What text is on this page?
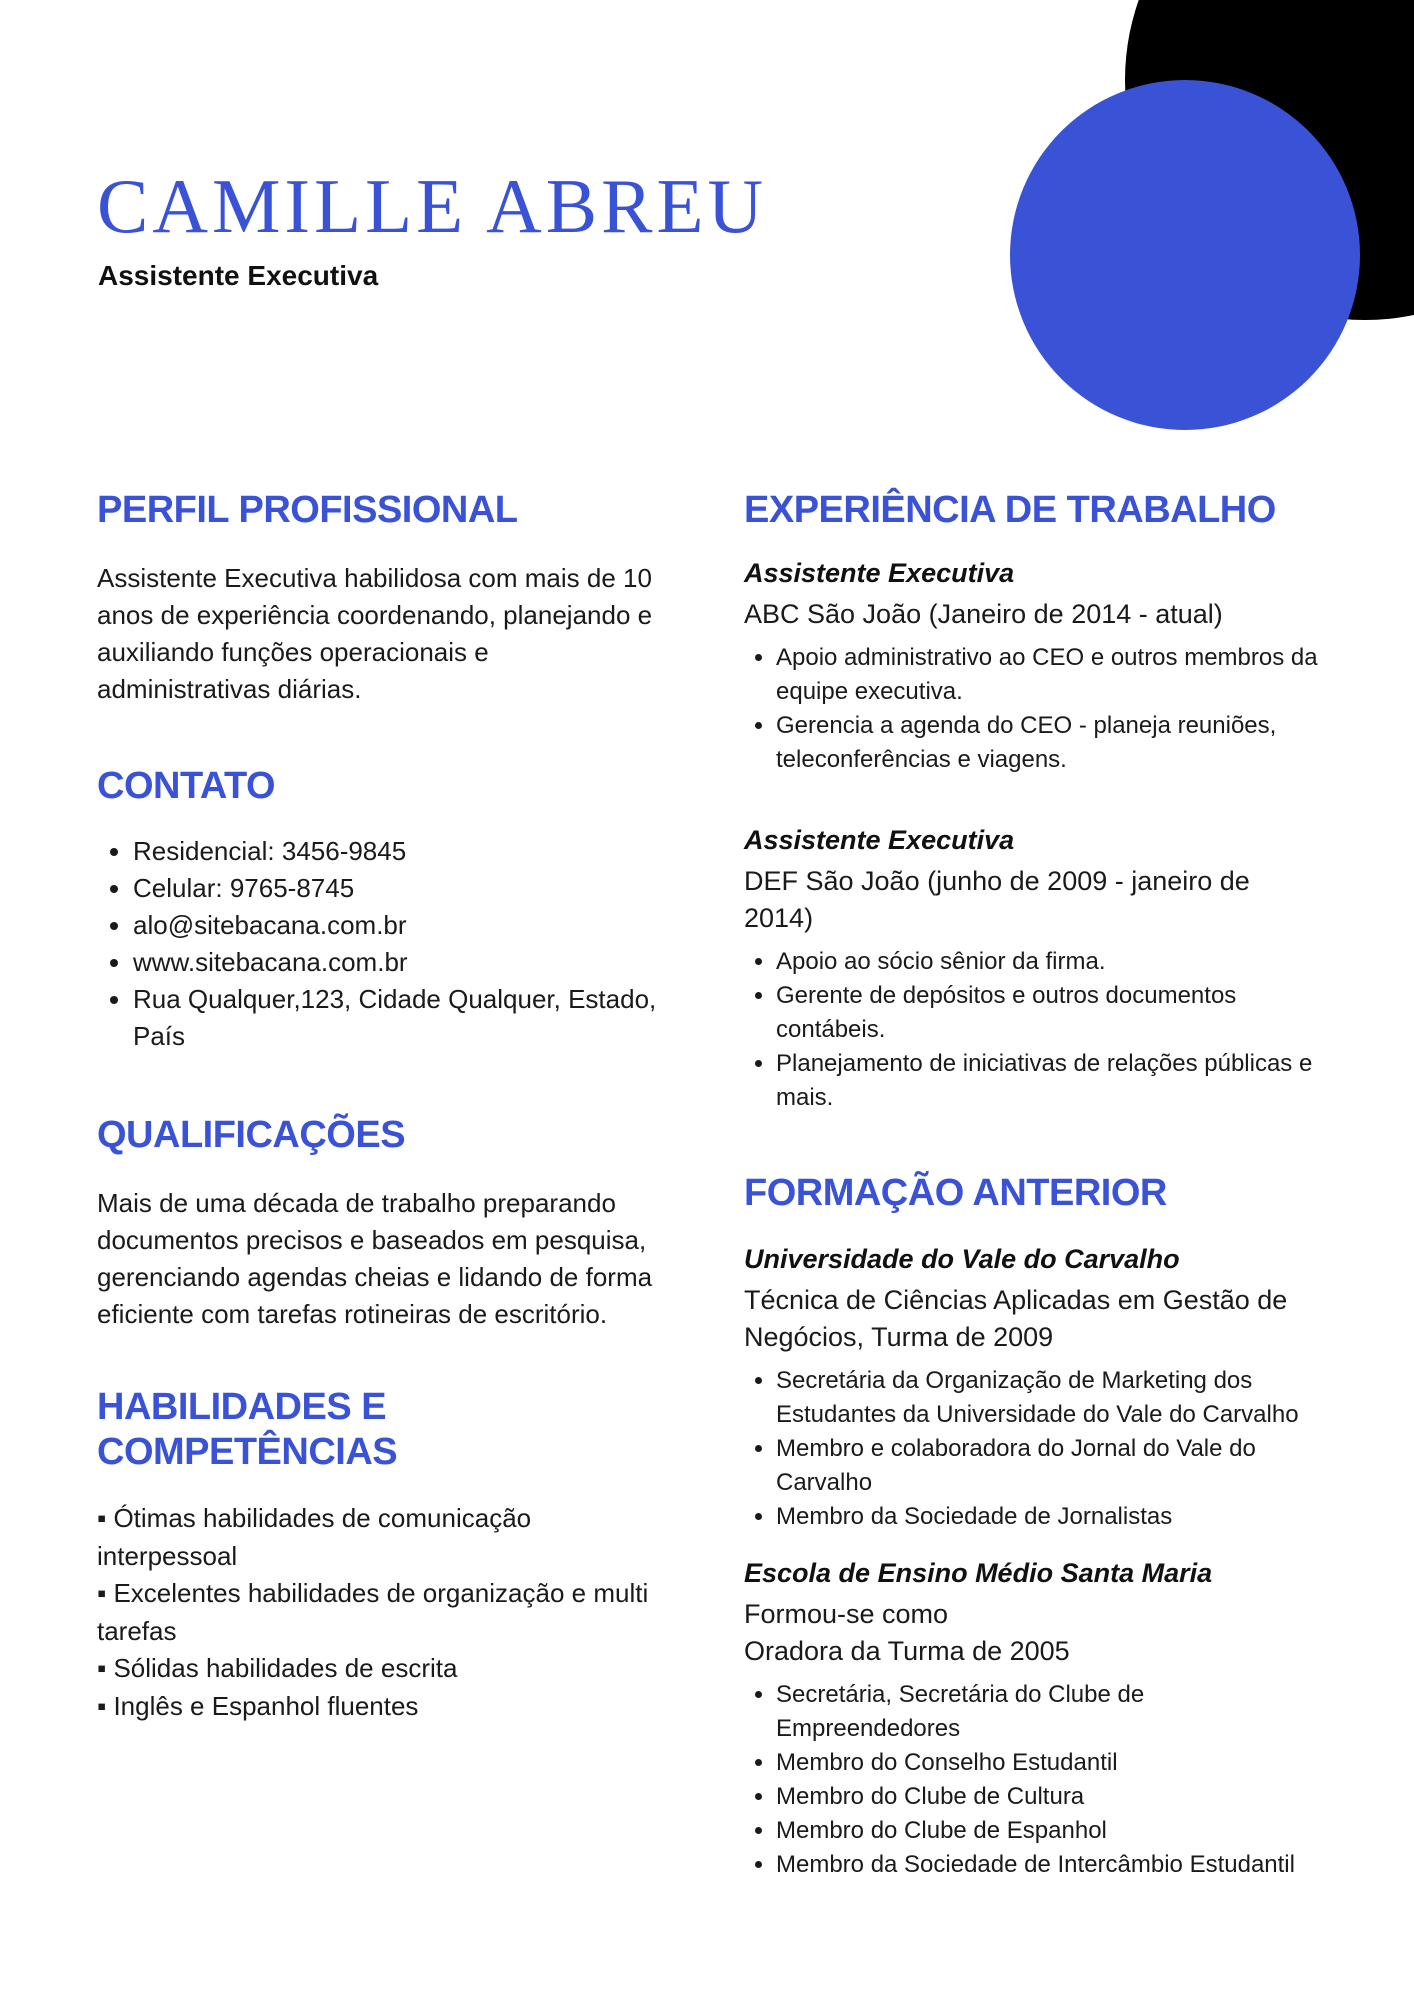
CAMILLE ABREU

Assistente Executiva

PERFIL PROFISSIONAL

Assistente Executiva habilidosa com mais de 10 anos de experiência coordenando, planejando e auxiliando funções operacionais e administrativas diárias.

CONTATO
• Residencial: 3456-9845
• Celular: 9765-8745
• alo@sitebacana.com.br
• www.sitebacana.com.br
• Rua Qualquer,123, Cidade Qualquer, Estado, País
QUALIFICAÇÕES

Mais de uma década de trabalho preparando documentos precisos e baseados em pesquisa, gerenciando agendas cheias e lidando de forma eficiente com tarefas rotineiras de escritório.

HABILIDADES E
COMPETÊNCIAS
▪ Ótimas habilidades de comunicação interpessoal
▪ Excelentes habilidades de organização e multi tarefas
▪ Sólidas habilidades de escrita
▪ Inglês e Espanhol fluentes
EXPERIÊNCIA DE TRABALHO
Assistente Executiva

ABC São João (Janeiro de 2014 - atual)

• Apoio administrativo ao CEO e outros membros da equipe executiva.
• Gerencia a agenda do CEO - planeja reuniões, teleconferências e viagens.
Assistente Executiva

DEF São João (junho de 2009 - janeiro de 2014)

• Apoio ao sócio sênior da firma.
• Gerente de depósitos e outros documentos contábeis.
• Planejamento de iniciativas de relações públicas e mais.
FORMAÇÃO ANTERIOR
Universidade do Vale do Carvalho

Técnica de Ciências Aplicadas em Gestão de Negócios, Turma de 2009

• Secretária da Organização de Marketing dos Estudantes da Universidade do Vale do Carvalho
• Membro e colaboradora do Jornal do Vale do Carvalho
• Membro da Sociedade de Jornalistas
Escola de Ensino Médio Santa Maria

Formou-se como
Oradora da Turma de 2005

• Secretária, Secretária do Clube de Empreendedores
• Membro do Conselho Estudantil
• Membro do Clube de Cultura
• Membro do Clube de Espanhol
• Membro da Sociedade de Intercâmbio Estudantil
